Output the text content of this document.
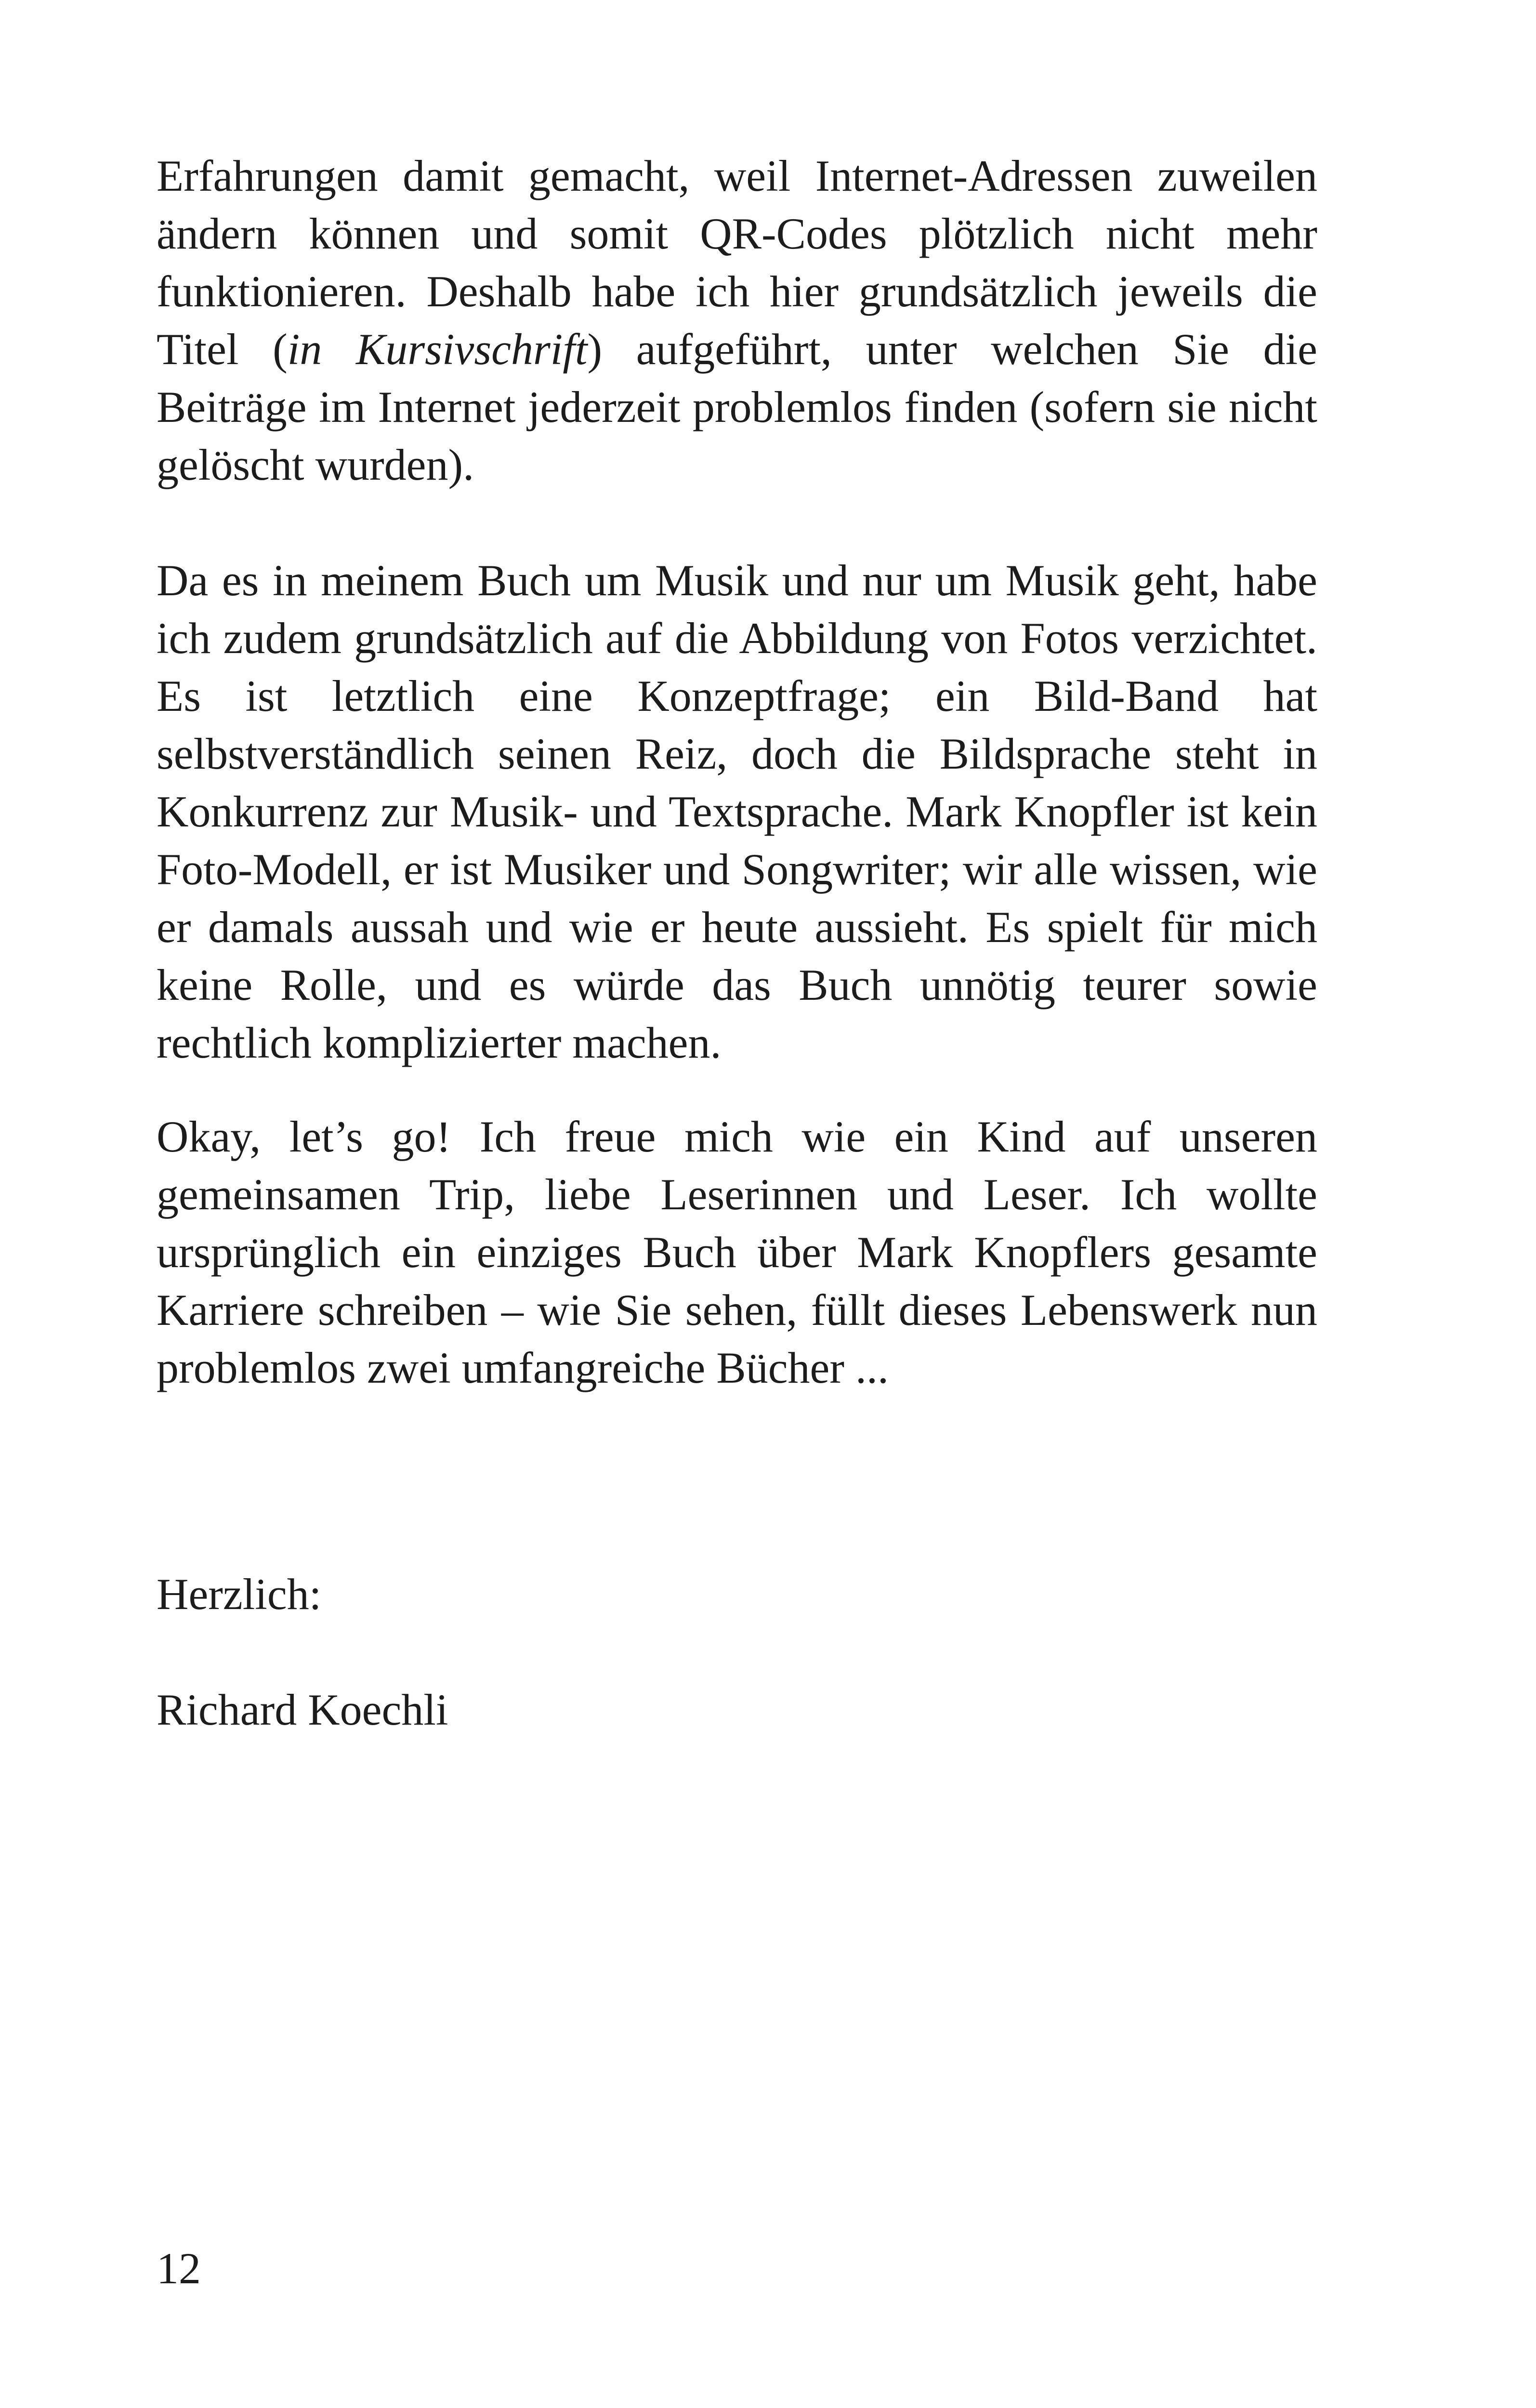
Erfahrungen damit gemacht, weil Internet-Adressen zuweilen ändern können und somit QR-Codes plötzlich nicht mehr funktionieren. Deshalb habe ich hier grundsätzlich jeweils die Titel (in Kursivschrift) aufgeführt, unter welchen Sie die Beiträge im Internet jederzeit problemlos finden (sofern sie nicht gelöscht wurden).

Da es in meinem Buch um Musik und nur um Musik geht, habe ich zudem grundsätzlich auf die Abbildung von Fotos verzichtet. Es ist letztlich eine Konzeptfrage; ein Bild-Band hat selbstverständlich seinen Reiz, doch die Bildsprache steht in Konkurrenz zur Musik- und Textsprache. Mark Knopfler ist kein Foto-Modell, er ist Musiker und Songwriter; wir alle wissen, wie er damals aussah und wie er heute aussieht. Es spielt für mich keine Rolle, und es würde das Buch unnötig teurer sowie rechtlich komplizierter machen.

Okay, let’s go! Ich freue mich wie ein Kind auf unseren gemeinsamen Trip, liebe Leserinnen und Leser. Ich wollte ursprünglich ein einziges Buch über Mark Knopflers gesamte Karriere schreiben – wie Sie sehen, füllt dieses Lebenswerk nun problemlos zwei umfangreiche Bücher ...

Herzlich:

Richard Koechli

12
